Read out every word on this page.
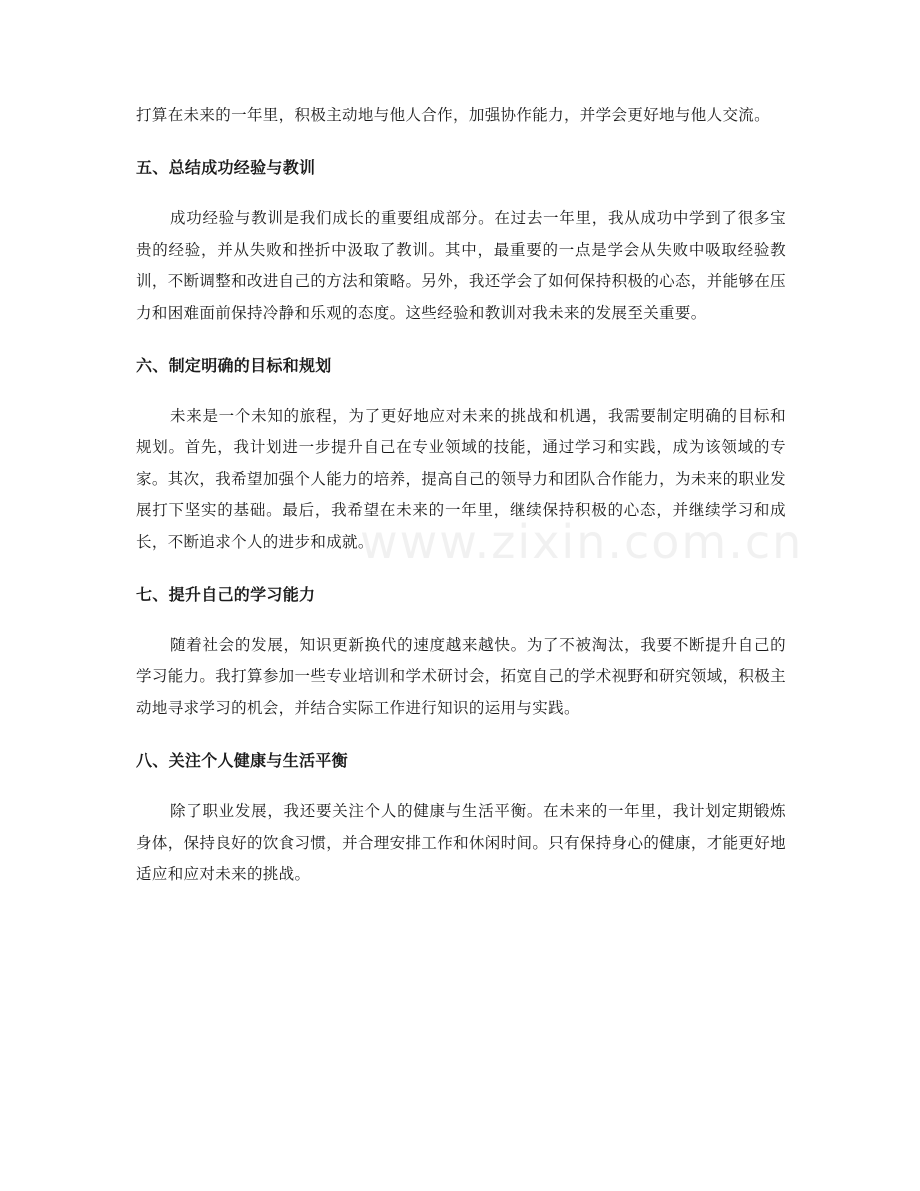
www.zixin.com.cn

打算在未来的一年里，积极主动地与他人合作，加强协作能力，并学会更好地与他人交流。

五、总结成功经验与教训

成功经验与教训是我们成长的重要组成部分。在过去一年里，我从成功中学到了很多宝贵的经验，并从失败和挫折中汲取了教训。其中，最重要的一点是学会从失败中吸取经验教训，不断调整和改进自己的方法和策略。另外，我还学会了如何保持积极的心态，并能够在压力和困难面前保持冷静和乐观的态度。这些经验和教训对我未来的发展至关重要。

六、制定明确的目标和规划

未来是一个未知的旅程，为了更好地应对未来的挑战和机遇，我需要制定明确的目标和规划。首先，我计划进一步提升自己在专业领域的技能，通过学习和实践，成为该领域的专家。其次，我希望加强个人能力的培养，提高自己的领导力和团队合作能力，为未来的职业发展打下坚实的基础。最后，我希望在未来的一年里，继续保持积极的心态，并继续学习和成长，不断追求个人的进步和成就。

七、提升自己的学习能力

随着社会的发展，知识更新换代的速度越来越快。为了不被淘汰，我要不断提升自己的学习能力。我打算参加一些专业培训和学术研讨会，拓宽自己的学术视野和研究领域，积极主动地寻求学习的机会，并结合实际工作进行知识的运用与实践。

八、关注个人健康与生活平衡

除了职业发展，我还要关注个人的健康与生活平衡。在未来的一年里，我计划定期锻炼身体，保持良好的饮食习惯，并合理安排工作和休闲时间。只有保持身心的健康，才能更好地适应和应对未来的挑战。
